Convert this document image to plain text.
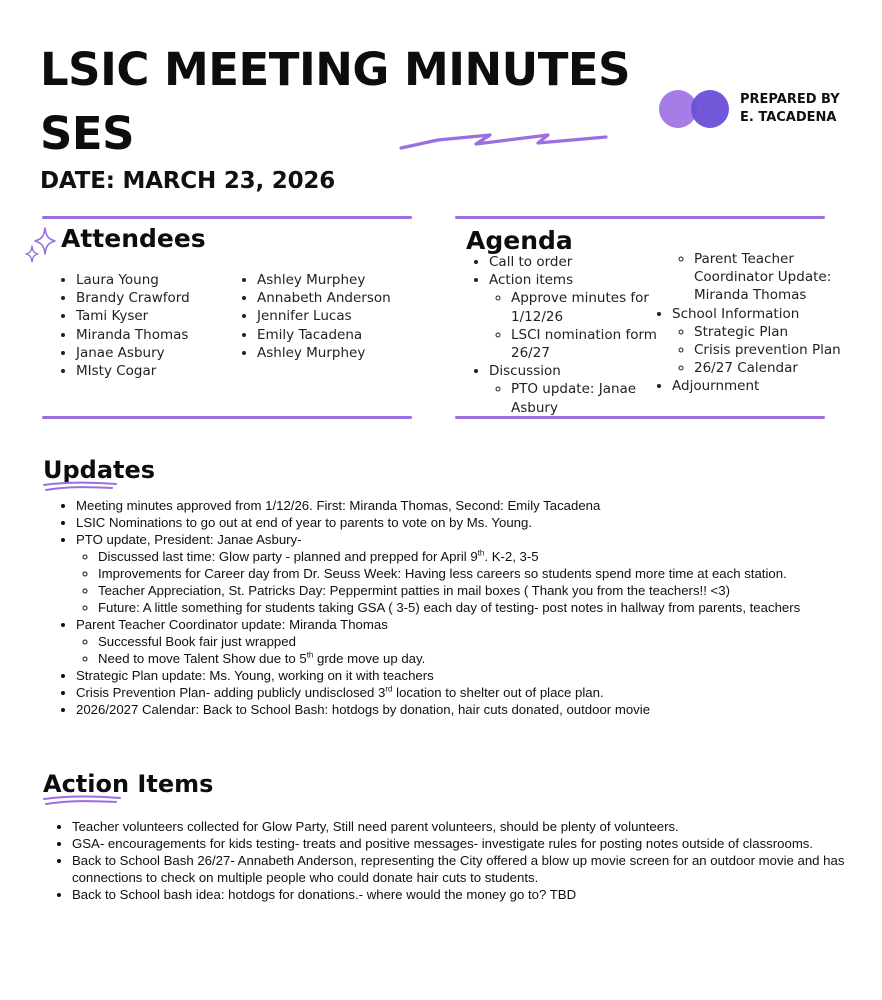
LSIC MEETING MINUTES
SES
PREPARED BY
E. TACADENA
DATE: MARCH 23, 2026
Attendees
• Laura Young
• Brandy Crawford
• Tami Kyser
• Miranda Thomas
• Janae Asbury
• MIsty Cogar
• Ashley Murphey
• Annabeth Anderson
• Jennifer Lucas
• Emily Tacadena
• Ashley Murphey
Agenda
• Call to order
• Action items
◦ Approve minutes for 1/12/26
◦ LSCI nomination form 26/27
• Discussion
◦ PTO update: Janae Asbury
◦ Parent Teacher Coordinator Update: Miranda Thomas
• School Information
◦ Strategic Plan
◦ Crisis prevention Plan
◦ 26/27 Calendar
• Adjournment
Updates
• Meeting minutes approved from 1/12/26. First: Miranda Thomas, Second: Emily Tacadena
• LSIC Nominations to go out at end of year to parents to vote on by Ms. Young.
• PTO update, President: Janae Asbury-
◦ Discussed last time: Glow party - planned and prepped for April 9th. K-2, 3-5
◦ Improvements for Career day from Dr. Seuss Week: Having less careers so students spend more time at each station.
◦ Teacher Appreciation, St. Patricks Day: Peppermint patties in mail boxes ( Thank you from the teachers!! <3)
◦ Future: A little something for students taking GSA ( 3-5) each day of testing- post notes in hallway from parents, teachers
• Parent Teacher Coordinator update: Miranda Thomas
◦ Successful Book fair just wrapped
◦ Need to move Talent Show due to 5th grde move up day.
• Strategic Plan update: Ms. Young, working on it with teachers
• Crisis Prevention Plan- adding publicly undisclosed 3rd location to shelter out of place plan.
• 2026/2027 Calendar: Back to School Bash: hotdogs by donation, hair cuts donated, outdoor movie
Action Items
• Teacher volunteers collected for Glow Party, Still need parent volunteers, should be plenty of volunteers.
• GSA- encouragements for kids testing- treats and positive messages- investigate rules for posting notes outside of classrooms.
• Back to School Bash 26/27- Annabeth Anderson, representing the City offered a blow up movie screen for an outdoor movie and has connections to check on multiple people who could donate hair cuts to students.
• Back to School bash idea: hotdogs for donations.- where would the money go to? TBD
